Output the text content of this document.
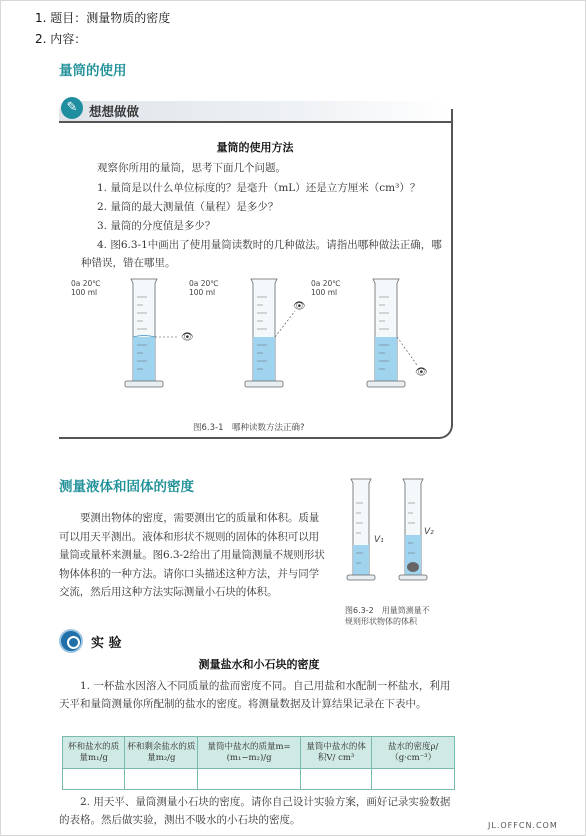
1. 题目：测量物质的密度
2. 内容：
量筒的使用
✎ 想想做做
量筒的使用方法
观察你所用的量筒，思考下面几个问题。
1. 量筒是以什么单位标度的？是毫升（mL）还是立方厘米（cm³）？
2. 量筒的最大测量值（量程）是多少？
3. 量筒的分度值是多少？
4. 图6.3-1中画出了使用量筒读数时的几种做法。请指出哪种做法正确，哪种错误，错在哪里。
👁
👁
👁
0a 20℃ 100 ml
0a 20℃ 100 ml
0a 20℃ 100 ml
图6.3-1　哪种读数方法正确?
测量液体和固体的密度
要测出物体的密度，需要测出它的质量和体积。质量可以用天平测出。液体和形状不规则的固体的体积可以用量筒或量杯来测量。图6.3-2给出了用量筒测量不规则形状物体体积的一种方法。请你口头描述这种方法，并与同学交流，然后用这种方法实际测量小石块的体积。
V₁
V₂
图6.3-2　用量筒测量不
规则形状物体的体积
实 验
测量盐水和小石块的密度
1. 一杯盐水因溶入不同质量的盐而密度不同。自己用盐和水配制一杯盐水，利用天平和量筒测量你所配制的盐水的密度。将测量数据及计算结果记录在下表中。
杯和盐水的质量m₁/g	杯和剩余盐水的质量m₂/g	量筒中盐水的质量m=(m₁−m₂)/g	量筒中盐水的体积V/ cm³	盐水的密度ρ/（g·cm⁻³）

2. 用天平、量筒测量小石块的密度。请你自己设计实验方案，画好记录实验数据的表格。然后做实验，测出不吸水的小石块的密度。	JL.OFFCN.COM
